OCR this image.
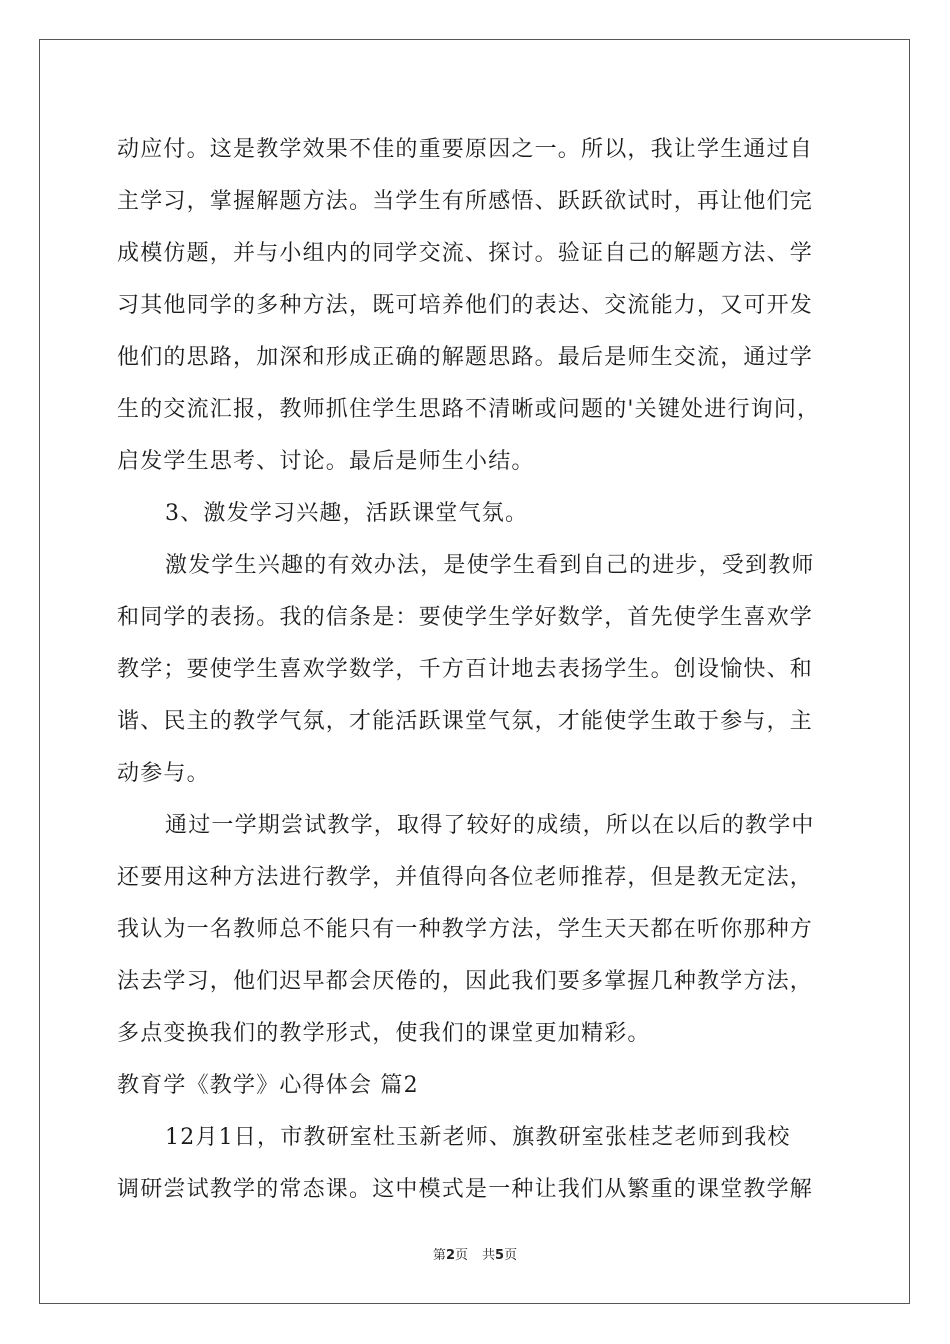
动应付。这是教学效果不佳的重要原因之一。所以，我让学生通过自
主学习，掌握解题方法。当学生有所感悟、跃跃欲试时，再让他们完
成模仿题，并与小组内的同学交流、探讨。验证自己的解题方法、学
习其他同学的多种方法，既可培养他们的表达、交流能力，又可开发
他们的思路，加深和形成正确的解题思路。最后是师生交流，通过学
生的交流汇报，教师抓住学生思路不清晰或问题的'关键处进行询问，
启发学生思考、讨论。最后是师生小结。
3、激发学习兴趣，活跃课堂气氛。
激发学生兴趣的有效办法，是使学生看到自己的进步，受到教师
和同学的表扬。我的信条是：要使学生学好数学，首先使学生喜欢学
教学；要使学生喜欢学数学，千方百计地去表扬学生。创设愉快、和
谐、民主的教学气氛，才能活跃课堂气氛，才能使学生敢于参与，主
动参与。
通过一学期尝试教学，取得了较好的成绩，所以在以后的教学中
还要用这种方法进行教学，并值得向各位老师推荐，但是教无定法，
我认为一名教师总不能只有一种教学方法，学生天天都在听你那种方
法去学习，他们迟早都会厌倦的，因此我们要多掌握几种教学方法，
多点变换我们的教学形式，使我们的课堂更加精彩。
教育学《教学》心得体会 篇2
12月1日，市教研室杜玉新老师、旗教研室张桂芝老师到我校
调研尝试教学的常态课。这中模式是一种让我们从繁重的课堂教学解
第2页 共5页
